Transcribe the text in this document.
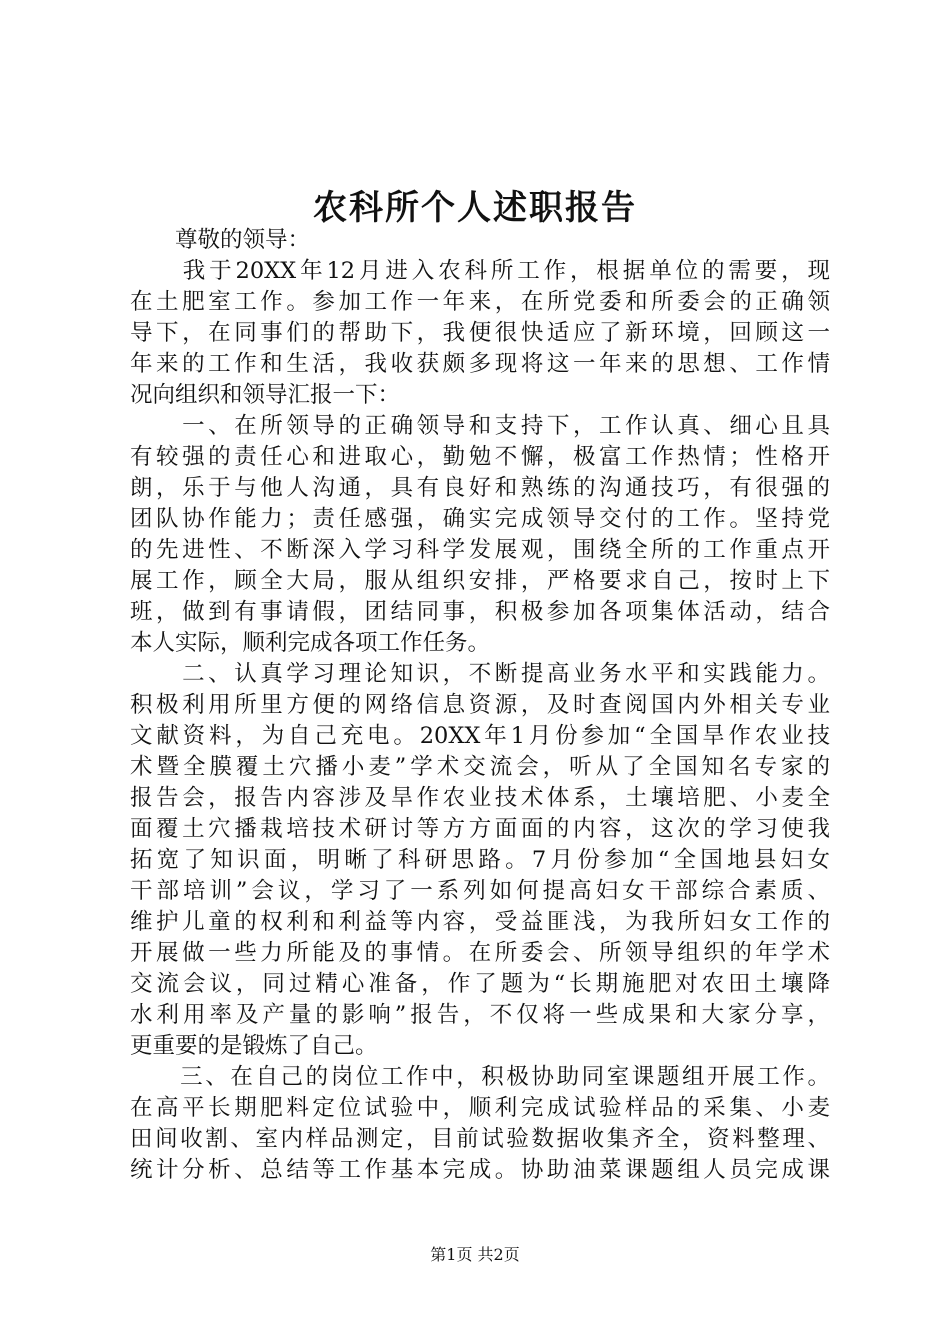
农科所个人述职报告
　　尊敬的领导：
　　我于20XX年12月进入农科所工作，根据单位的需要，现
在土肥室工作。参加工作一年来，在所党委和所委会的正确领
导下，在同事们的帮助下，我便很快适应了新环境，回顾这一
年来的工作和生活，我收获颇多现将这一年来的思想、工作情
况向组织和领导汇报一下：
　　一、在所领导的正确领导和支持下，工作认真、细心且具
有较强的责任心和进取心，勤勉不懈，极富工作热情；性格开
朗，乐于与他人沟通，具有良好和熟练的沟通技巧，有很强的
团队协作能力；责任感强，确实完成领导交付的工作。坚持党
的先进性、不断深入学习科学发展观，围绕全所的工作重点开
展工作，顾全大局，服从组织安排，严格要求自己，按时上下
班，做到有事请假，团结同事，积极参加各项集体活动，结合
本人实际，顺利完成各项工作任务。
　　二、认真学习理论知识，不断提高业务水平和实践能力。
积极利用所里方便的网络信息资源，及时查阅国内外相关专业
文献资料，为自己充电。20XX年1月份参加“全国旱作农业技
术暨全膜覆土穴播小麦”学术交流会，听从了全国知名专家的
报告会，报告内容涉及旱作农业技术体系，土壤培肥、小麦全
面覆土穴播栽培技术研讨等方方面面的内容，这次的学习使我
拓宽了知识面，明晰了科研思路。7月份参加“全国地县妇女
干部培训”会议，学习了一系列如何提高妇女干部综合素质、
维护儿童的权利和利益等内容，受益匪浅，为我所妇女工作的
开展做一些力所能及的事情。在所委会、所领导组织的年学术
交流会议，同过精心准备，作了题为“长期施肥对农田土壤降
水利用率及产量的影响”报告，不仅将一些成果和大家分享，
更重要的是锻炼了自己。
　　三、在自己的岗位工作中，积极协助同室课题组开展工作。
在高平长期肥料定位试验中，顺利完成试验样品的采集、小麦
田间收割、室内样品测定，目前试验数据收集齐全，资料整理、
统计分析、总结等工作基本完成。协助油菜课题组人员完成课
第1页 共2页
